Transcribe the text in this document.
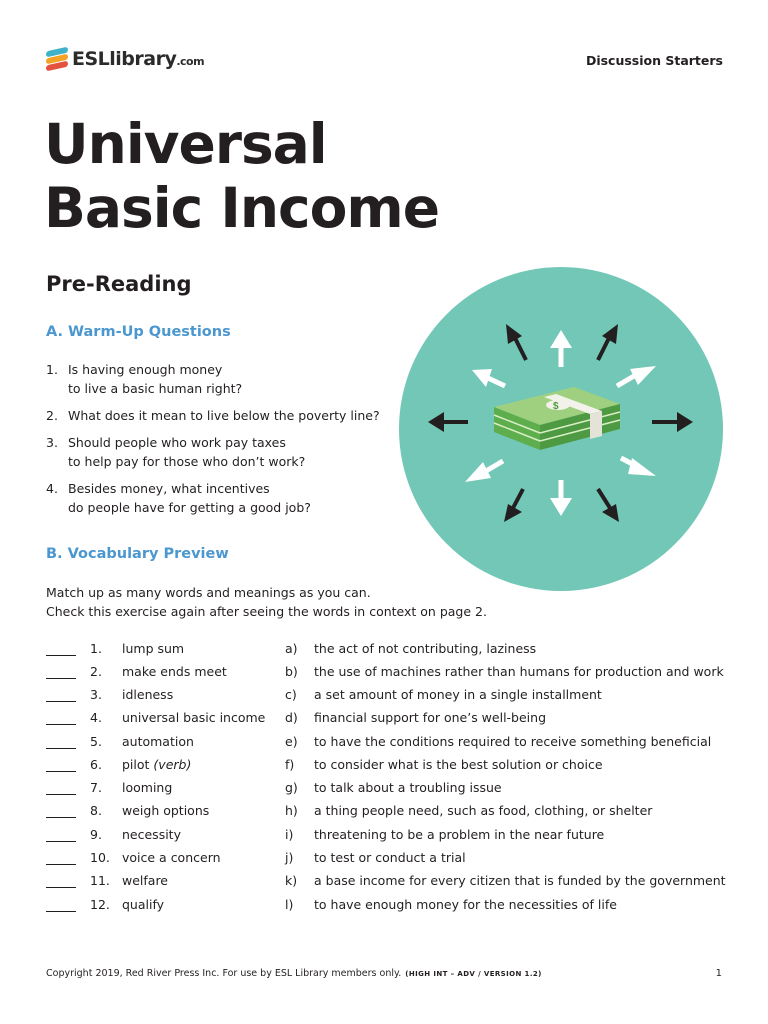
ESLlibrary.com	Discussion Starters
Universal
Basic Income
Pre-Reading
A. Warm-Up Questions
1. Is having enough money
to live a basic human right?
2. What does it mean to live below the poverty line?
3. Should people who work pay taxes
to help pay for those who don’t work?
4. Besides money, what incentives
do people have for getting a good job?
B. Vocabulary Preview
Match up as many words and meanings as you can.
Check this exercise again after seeing the words in context on page 2.
1. lump sum	a) the act of not contributing, laziness
2. make ends meet	b) the use of machines rather than humans for production and work
3. idleness	c) a set amount of money in a single installment
4. universal basic income d) financial support for one’s well-being
5. automation	e) to have the conditions required to receive something beneficial
6. pilot (verb)	f) to consider what is the best solution or choice
7. looming	g) to talk about a troubling issue
8. weigh options	h) a thing people need, such as food, clothing, or shelter
9. necessity	i) threatening to be a problem in the near future
10. voice a concern	j) to test or conduct a trial
11. welfare	k) a base income for every citizen that is funded by the government
12. qualify	l) to have enough money for the necessities of life
Copyright 2019, Red River Press Inc. For use by ESL Library members only. (HIGH INT – ADV / VERSION 1.2)	1
$
